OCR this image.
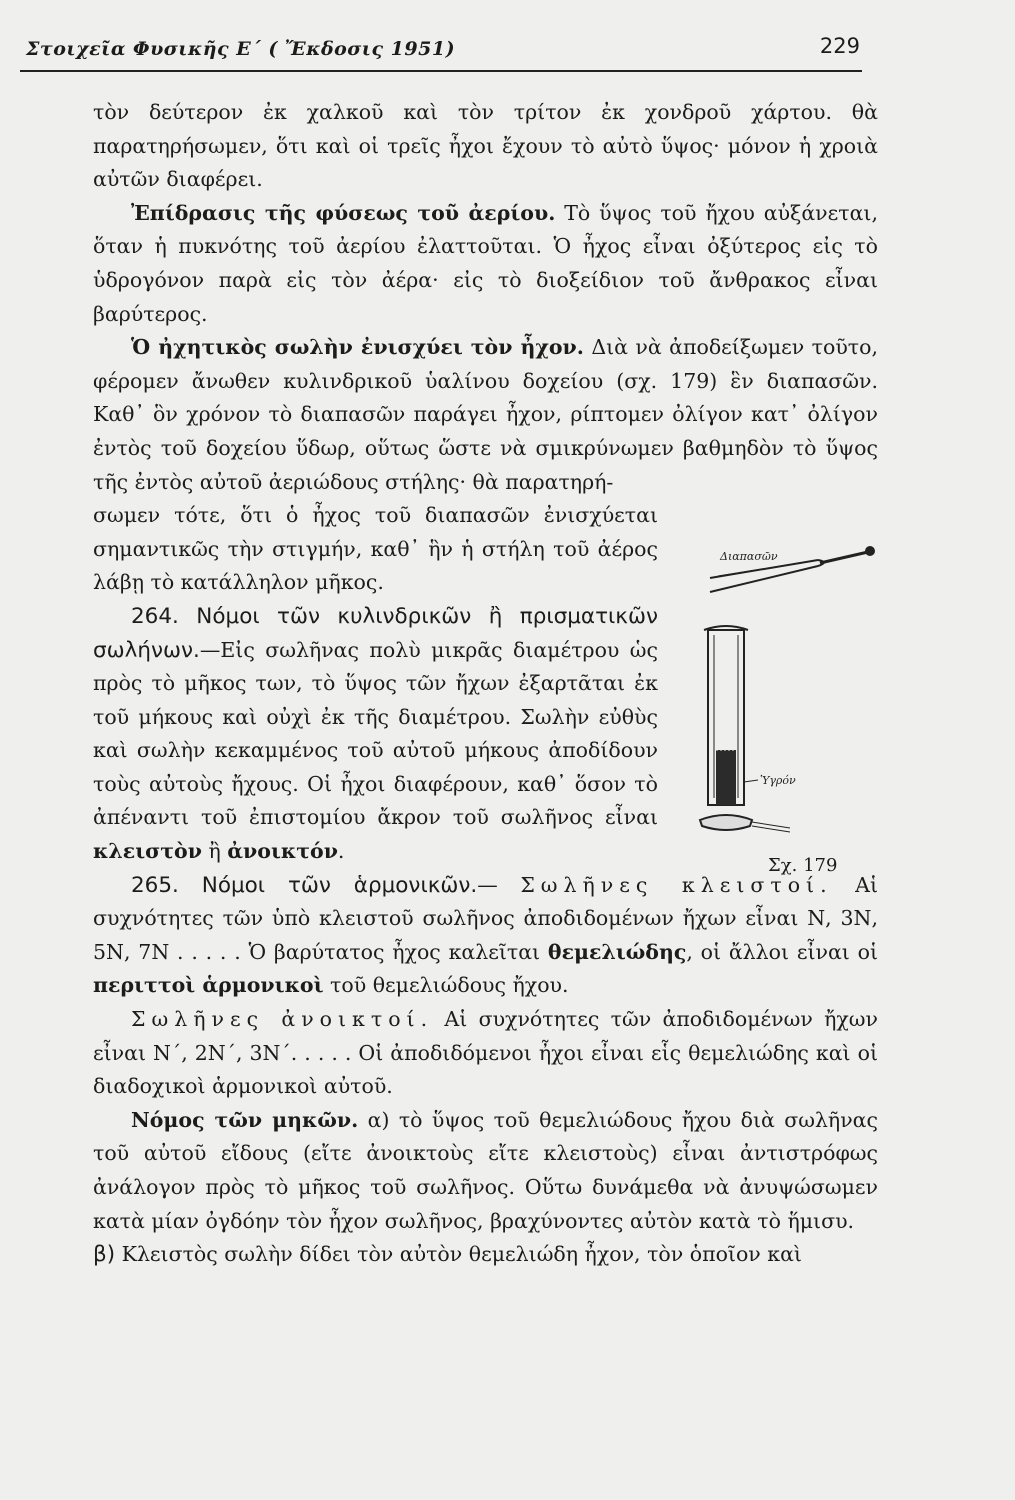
Στοιχεῖα Φυσικῆς Ε΄ ( Ἔκδοσις 1951)	229

τὸν δεύτερον ἐκ χαλκοῦ καὶ τὸν τρίτον ἐκ χονδροῦ χάρτου. θὰ παρατηρήσωμεν, ὅτι καὶ οἱ τρεῖς ἦχοι ἔχουν τὸ αὐτὸ ὕψος· μόνον ἡ χροιὰ αὐτῶν διαφέρει.

Ἐπίδρασις τῆς φύσεως τοῦ ἀερίου. Τὸ ὕψος τοῦ ἤχου αὐξάνεται, ὅταν ἡ πυκνότης τοῦ ἀερίου ἐλαττοῦται. Ὁ ἦχος εἶναι ὀξύτερος εἰς τὸ ὑδρογόνον παρὰ εἰς τὸν ἀέρα· εἰς τὸ διοξείδιον τοῦ ἄνθρακος εἶναι βαρύτερος.

Ὁ ἠχητικὸς σωλὴν ἐνισχύει τὸν ἦχον. Διὰ νὰ ἀποδείξωμεν τοῦτο, φέρομεν ἄνωθεν κυλινδρικοῦ ὑαλίνου δοχείου (σχ. 179) ἓν διαπασῶν. Καθ᾿ ὃν χρόνον τὸ διαπασῶν παράγει ἦχον, ρίπτομεν ὀλίγον κατ᾿ ὀλίγον ἐντὸς τοῦ δοχείου ὕδωρ, οὕτως ὥστε νὰ σμικρύνωμεν βαθμηδὸν τὸ ὕψος τῆς ἐντὸς αὐτοῦ ἀεριώδους στήλης· θὰ παρατηρή-

σωμεν τότε, ὅτι ὁ ἦχος τοῦ διαπασῶν ἐνισχύεται σημαντικῶς τὴν στιγμήν, καθ᾿ ἣν ἡ στήλη τοῦ ἀέρος λάβῃ τὸ κατάλληλον μῆκος.

264. Νόμοι τῶν κυλινδρικῶν ἢ πρισματικῶν σωλήνων.—Εἰς σωλῆνας πολὺ μικρᾶς διαμέτρου ὡς πρὸς τὸ μῆκος των, τὸ ὕψος τῶν ἤχων ἐξαρτᾶται ἐκ τοῦ μήκους καὶ οὐχὶ ἐκ τῆς διαμέτρου. Σωλὴν εὐθὺς καὶ σωλὴν κεκαμμένος τοῦ αὐτοῦ μήκους ἀποδίδουν τοὺς αὐτοὺς ἤχους. Οἱ ἦχοι διαφέρουν, καθ᾿ ὅσον τὸ ἀπέναντι τοῦ ἐπιστομίου ἄκρον τοῦ σωλῆνος εἶναι κλειστὸν ἢ ἀνοικτόν.

265. Νόμοι τῶν ἁρμονικῶν.— Σωλῆνες κλειστοί. Αἱ συχνότητες τῶν ὑπὸ κλειστοῦ σωλῆνος ἀποδιδομένων ἤχων εἶναι Ν, 3Ν, 5Ν, 7Ν . . . . . Ὁ βαρύτατος ἦχος καλεῖται θεμελιώδης, οἱ ἄλλοι εἶναι οἱ περιττοὶ ἁρμονικοὶ τοῦ θεμελιώδους ἤχου.

Σωλῆνες ἀνοικτοί. Αἱ συχνότητες τῶν ἀποδιδομένων ἤχων εἶναι Ν΄, 2Ν΄, 3Ν΄. . . . . Οἱ ἀποδιδόμενοι ἦχοι εἶναι εἷς θεμελιώδης καὶ οἱ διαδοχικοὶ ἁρμονικοὶ αὐτοῦ.

Νόμος τῶν μηκῶν. α) τὸ ὕψος τοῦ θεμελιώδους ἤχου διὰ σωλῆνας τοῦ αὐτοῦ εἴδους (εἴτε ἀνοικτοὺς εἴτε κλειστοὺς) εἶναι ἀντιστρόφως ἀνάλογον πρὸς τὸ μῆκος τοῦ σωλῆνος. Οὕτω δυνάμεθα νὰ ἀνυψώσωμεν κατὰ μίαν ὀγδόην τὸν ἦχον σωλῆνος, βραχύνοντες αὐτὸν κατὰ τὸ ἥμισυ.

β) Κλειστὸς σωλὴν δίδει τὸν αὐτὸν θεμελιώδη ἦχον, τὸν ὁποῖον καὶ

Διαπασῶν
Ὑγρόν
Σχ. 179
